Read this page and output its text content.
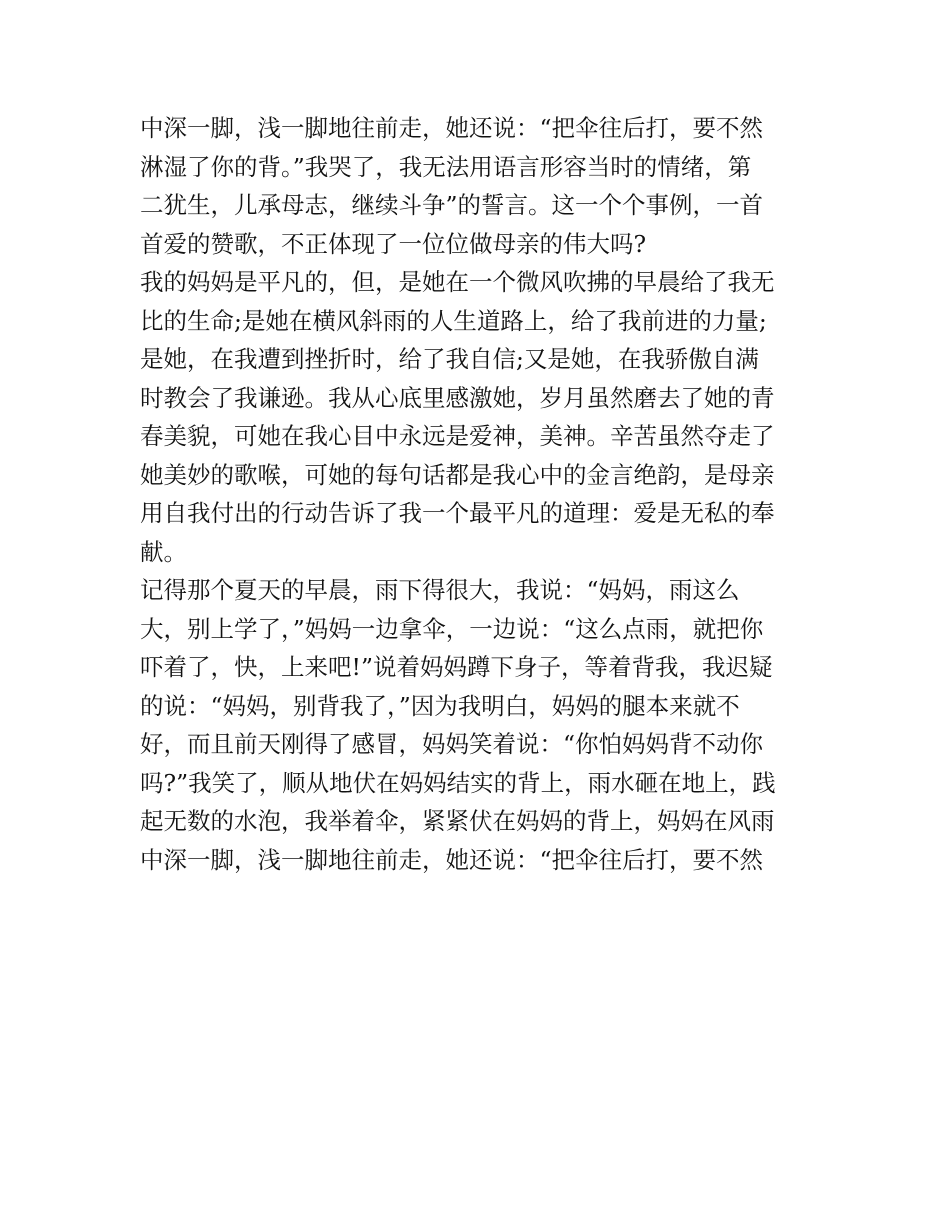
中深一脚，浅一脚地往前走，她还说：“把伞往后打，要不然
淋湿了你的背。”我哭了，我无法用语言形容当时的情绪，第
二犹生，儿承母志，继续斗争”的誓言。这一个个事例，一首
首爱的赞歌，不正体现了一位位做母亲的伟大吗?
我的妈妈是平凡的，但，是她在一个微风吹拂的早晨给了我无
比的生命;是她在横风斜雨的人生道路上，给了我前进的力量;
是她，在我遭到挫折时，给了我自信;又是她，在我骄傲自满
时教会了我谦逊。我从心底里感激她，岁月虽然磨去了她的青
春美貌，可她在我心目中永远是爱神，美神。辛苦虽然夺走了
她美妙的歌喉，可她的每句话都是我心中的金言绝韵，是母亲
用自我付出的行动告诉了我一个最平凡的道理：爱是无私的奉
献。
记得那个夏天的早晨，雨下得很大，我说：“妈妈，雨这么
大，别上学了，”妈妈一边拿伞，一边说：“这么点雨，就把你
吓着了，快，上来吧!”说着妈妈蹲下身子，等着背我，我迟疑
的说：“妈妈，别背我了，”因为我明白，妈妈的腿本来就不
好，而且前天刚得了感冒，妈妈笑着说：“你怕妈妈背不动你
吗?”我笑了，顺从地伏在妈妈结实的背上，雨水砸在地上，践
起无数的水泡，我举着伞，紧紧伏在妈妈的背上，妈妈在风雨
中深一脚，浅一脚地往前走，她还说：“把伞往后打，要不然
